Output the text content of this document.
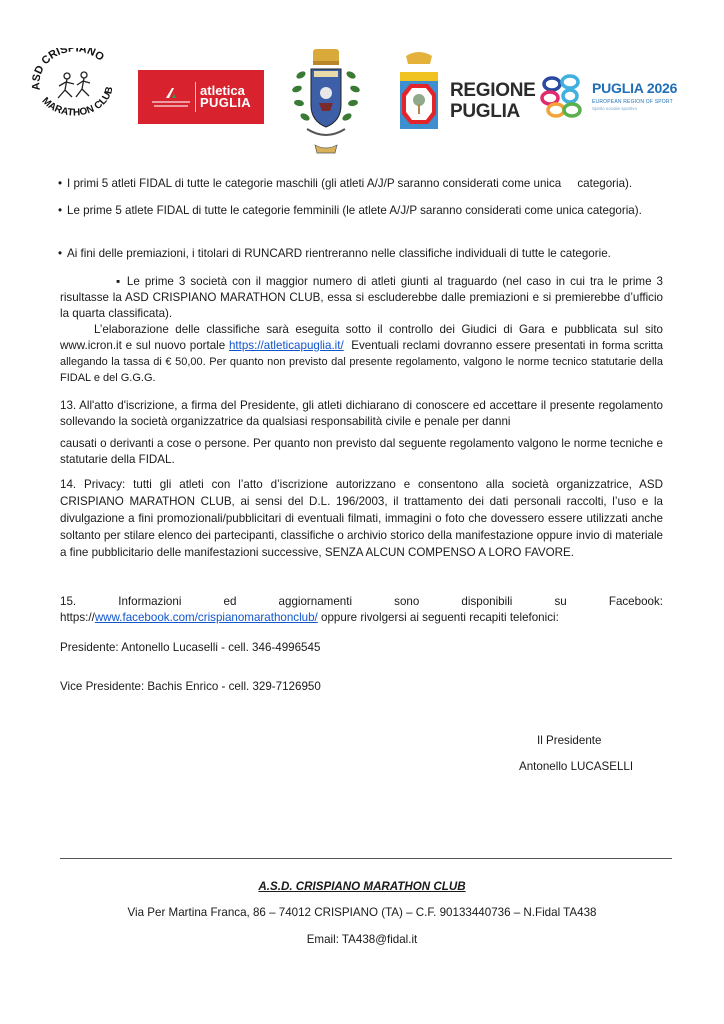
ASD CRISPIANO
MARATHON CLUB	atletica
PUGLIA
REGIONE
PUGLIA
PUGLIA 2026
EUROPEAN REGION OF SPORT
Spirito sociale sportivo
• I primi 5 atleti FIDAL di tutte le categorie maschili (gli atleti A/J/P saranno considerati come unica     categoria).
• Le prime 5 atlete FIDAL di tutte le categorie femminili (le atlete A/J/P saranno considerati come unica categoria).
• Ai fini delle premiazioni, i titolari di RUNCARD rientreranno nelle classifiche individuali di tutte le categorie.
▪ Le prime 3 società con il maggior numero di atleti giunti al traguardo (nel caso in cui tra le prime 3 risultasse la ASD CRISPIANO MARATHON CLUB, essa si escluderebbe dalle premiazioni e si premierebbe d’ufficio la quarta classificata).
L’elaborazione delle classifiche sarà eseguita sotto il controllo dei Giudici di Gara e pubblicata sul sito www.icron.it e sul nuovo portale https://atleticapuglia.it/  Eventuali reclami dovranno essere presentati in forma scritta allegando la tassa di € 50,00. Per quanto non previsto dal presente regolamento, valgono le norme tecnico statutarie della FIDAL e del G.G.G.
13. All'atto d'iscrizione, a firma del Presidente, gli atleti dichiarano di conoscere ed accettare il presente regolamento sollevando la società organizzatrice da qualsiasi responsabilità civile e penale per danni
causati o derivanti a cose o persone. Per quanto non previsto dal seguente regolamento valgono le norme tecniche e statutarie della FIDAL.
14. Privacy: tutti gli atleti con l’atto d’iscrizione autorizzano e consentono alla società organizzatrice, ASD CRISPIANO MARATHON CLUB, ai sensi del D.L. 196/2003, il trattamento dei dati personali raccolti, l’uso e la divulgazione a fini promozionali/pubblicitari di eventuali filmati, immagini o foto che dovessero essere utilizzati anche soltanto per stilare elenco dei partecipanti, classifiche o archivio storico della manifestazione oppure invio di materiale a fine pubblicitario delle manifestazioni successive, SENZA ALCUN COMPENSO A LORO FAVORE.
15. Informazioni ed aggiornamenti sono disponibili su Facebook:
https://www.facebook.com/crispianomarathonclub/ oppure rivolgersi ai seguenti recapiti telefonici:
Presidente: Antonello Lucaselli - cell. 346-4996545
Vice Presidente: Bachis Enrico - cell. 329-7126950
Il Presidente
Antonello LUCASELLI
A.S.D. CRISPIANO MARATHON CLUB
Via Per Martina Franca, 86 – 74012 CRISPIANO (TA) – C.F. 90133440736 – N.Fidal TA438
Email: TA438@fidal.it
